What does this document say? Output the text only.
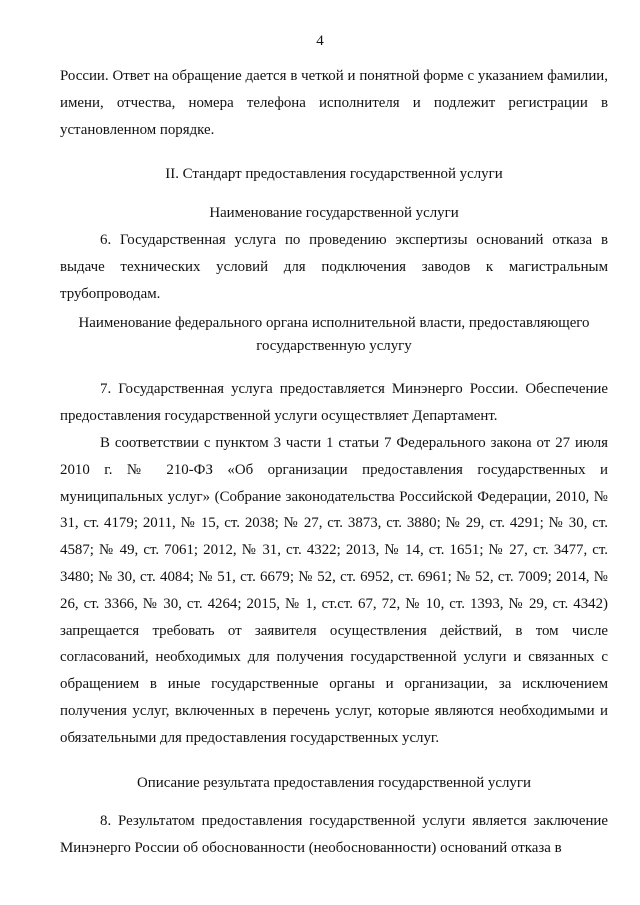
4

России. Ответ на обращение дается в четкой и понятной форме с указанием фамилии, имени, отчества, номера телефона исполнителя и подлежит регистрации в установленном порядке.

II. Стандарт предоставления государственной услуги

Наименование государственной услуги

6. Государственная услуга по проведению экспертизы оснований отказа в выдаче технических условий для подключения заводов к магистральным трубопроводам.

Наименование федерального органа исполнительной власти, предоставляющего государственную услугу

7. Государственная услуга предоставляется Минэнерго России. Обеспечение предоставления государственной услуги осуществляет Департамент.

В соответствии с пунктом 3 части 1 статьи 7 Федерального закона от 27 июля 2010 г. № 210-ФЗ «Об организации предоставления государственных и муниципальных услуг» (Собрание законодательства Российской Федерации, 2010, № 31, ст. 4179; 2011, № 15, ст. 2038; № 27, ст. 3873, ст. 3880; № 29, ст. 4291; № 30, ст. 4587; № 49, ст. 7061; 2012, № 31, ст. 4322; 2013, № 14, ст. 1651; № 27, ст. 3477, ст. 3480; № 30, ст. 4084; № 51, ст. 6679; № 52, ст. 6952, ст. 6961; № 52, ст. 7009; 2014, № 26, ст. 3366, № 30, ст. 4264; 2015, № 1, ст.ст. 67, 72, № 10, ст. 1393, № 29, ст. 4342) запрещается требовать от заявителя осуществления действий, в том числе согласований, необходимых для получения государственной услуги и связанных с обращением в иные государственные органы и организации, за исключением получения услуг, включенных в перечень услуг, которые являются необходимыми и обязательными для предоставления государственных услуг.

Описание результата предоставления государственной услуги

8. Результатом предоставления государственной услуги является заключение Минэнерго России об обоснованности (необоснованности) оснований отказа в
